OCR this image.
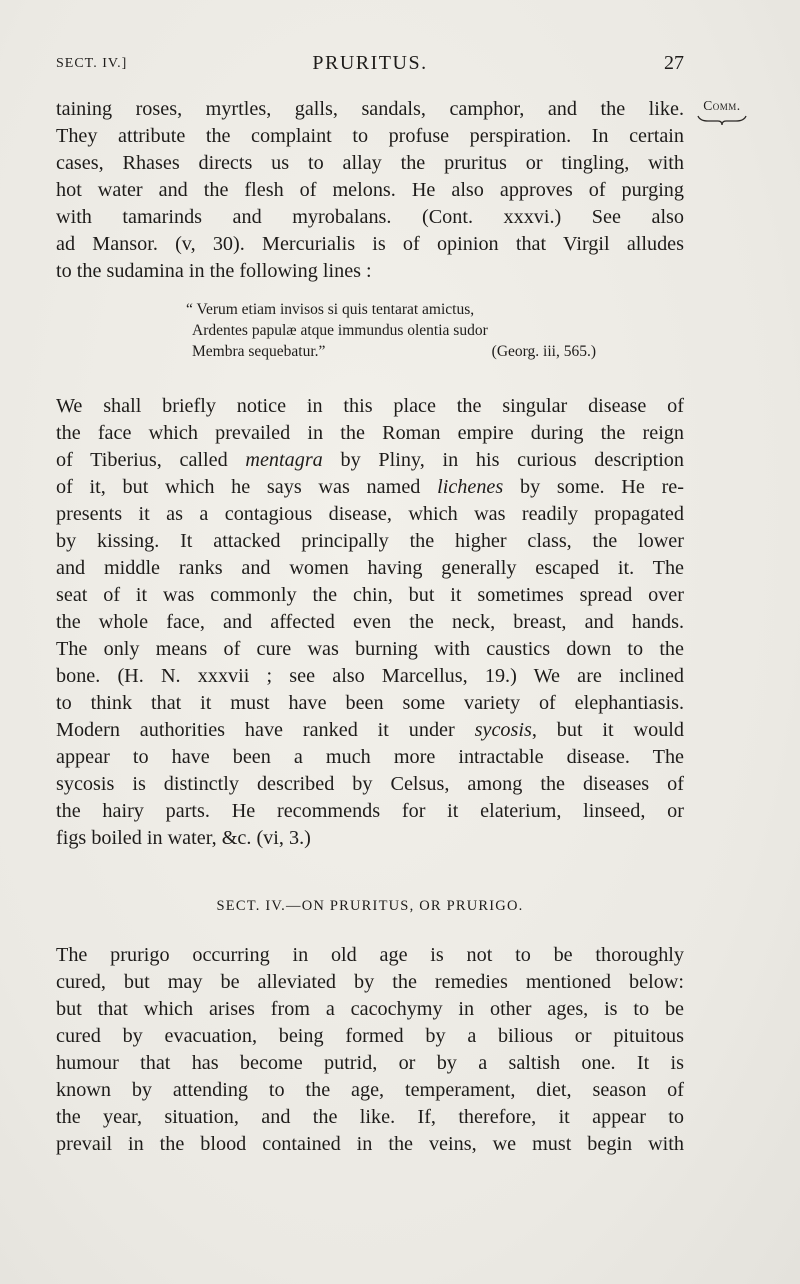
SECT. IV.]	PRURITUS.	27
Comm.
taining roses, myrtles, galls, sandals, camphor, and the like.
They attribute the complaint to profuse perspiration. In certain
cases, Rhases directs us to allay the pruritus or tingling, with
hot water and the flesh of melons. He also approves of purging
with tamarinds and myrobalans. (Cont. xxxvi.) See also
ad Mansor. (v, 30). Mercurialis is of opinion that Virgil alludes
to the sudamina in the following lines :
“ Verum etiam invisos si quis tentarat amictus,
Ardentes papulæ atque immundus olentia sudor
Membra sequebatur.”	(Georg. iii, 565.)
We shall briefly notice in this place the singular disease of
the face which prevailed in the Roman empire during the reign
of Tiberius, called mentagra by Pliny, in his curious description
of it, but which he says was named lichenes by some. He re-
presents it as a contagious disease, which was readily propagated
by kissing. It attacked principally the higher class, the lower
and middle ranks and women having generally escaped it. The
seat of it was commonly the chin, but it sometimes spread over
the whole face, and affected even the neck, breast, and hands.
The only means of cure was burning with caustics down to the
bone. (H. N. xxxvii ; see also Marcellus, 19.) We are inclined
to think that it must have been some variety of elephantiasis.
Modern authorities have ranked it under sycosis, but it would
appear to have been a much more intractable disease. The
sycosis is distinctly described by Celsus, among the diseases of
the hairy parts. He recommends for it elaterium, linseed, or
figs boiled in water, &c. (vi, 3.)
SECT. IV.—ON PRURITUS, OR PRURIGO.
The prurigo occurring in old age is not to be thoroughly
cured, but may be alleviated by the remedies mentioned below:
but that which arises from a cacochymy in other ages, is to be
cured by evacuation, being formed by a bilious or pituitous
humour that has become putrid, or by a saltish one. It is
known by attending to the age, temperament, diet, season of
the year, situation, and the like. If, therefore, it appear to
prevail in the blood contained in the veins, we must begin with
